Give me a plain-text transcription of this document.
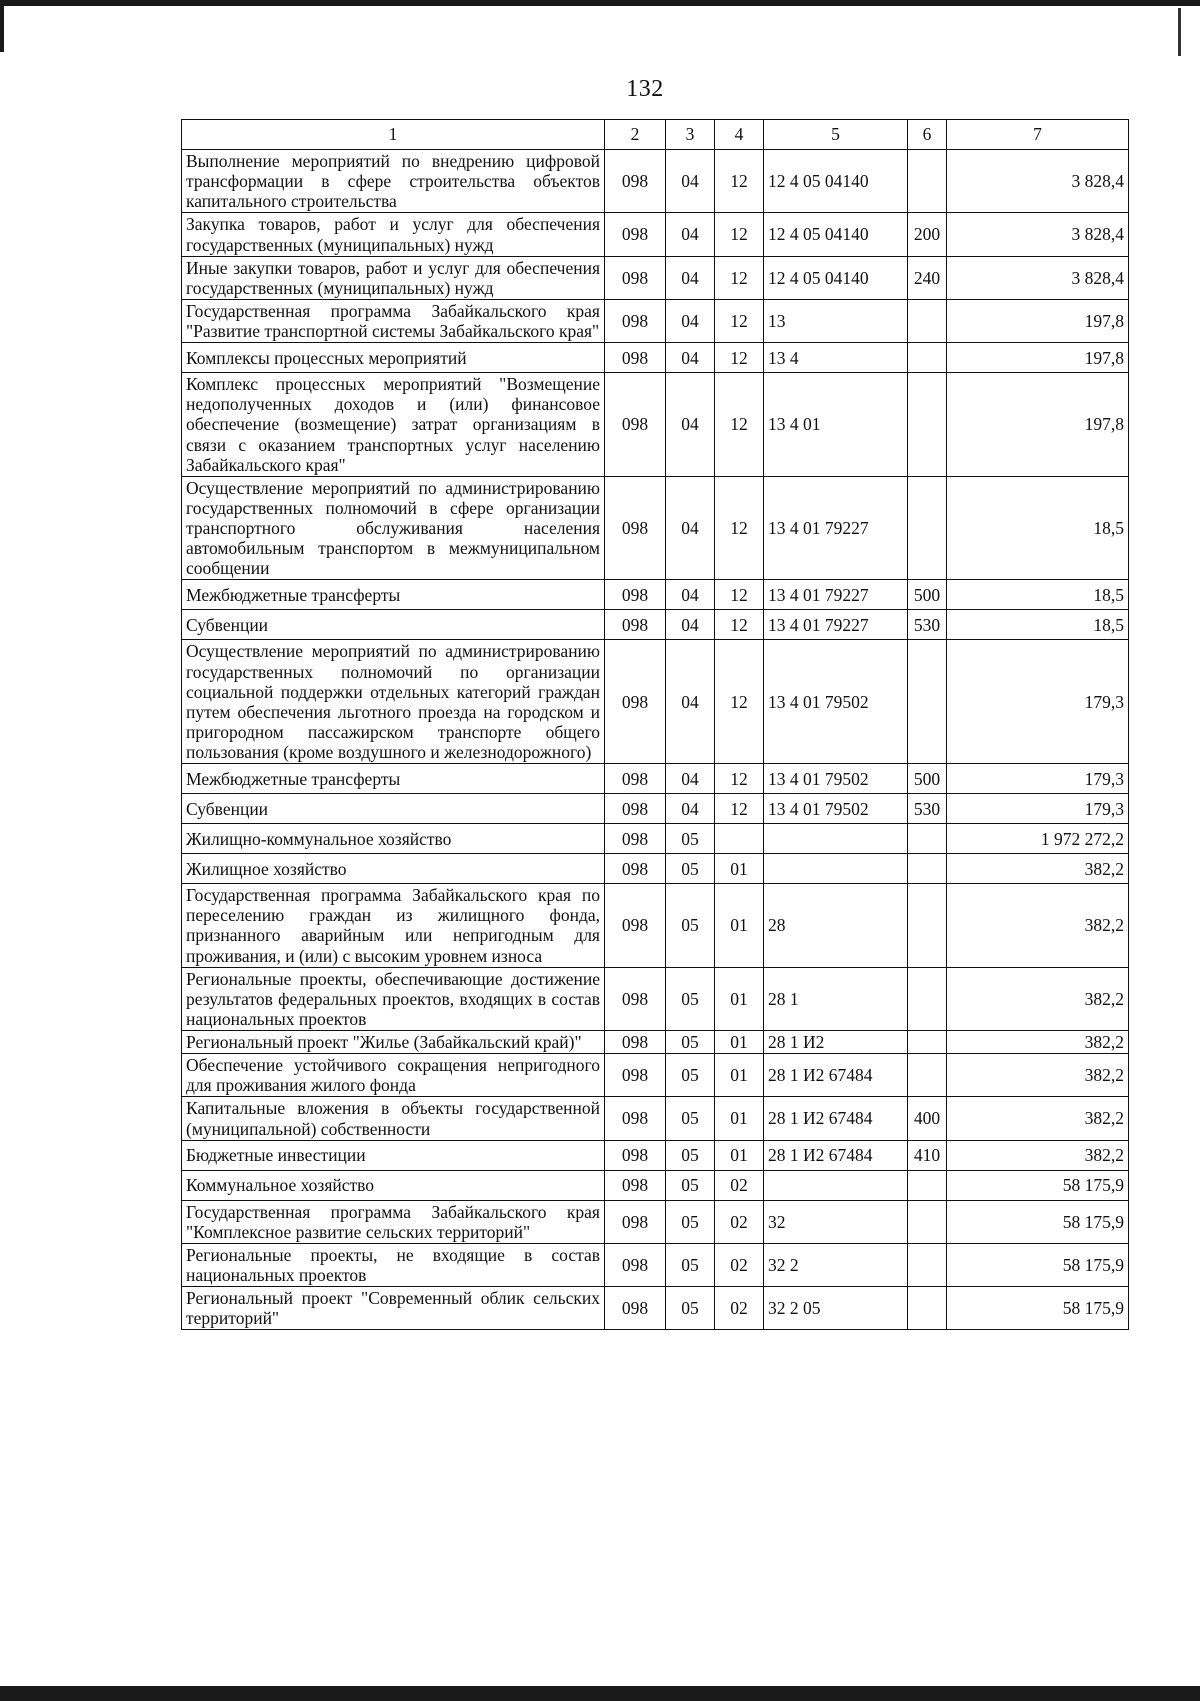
132
1	2	3	4	5	6	7
Выполнение мероприятий по внедрению цифровой трансформации в сфере строительства объектов капитального строительства	098	04	12	12 4 05 04140		3 828,4
Закупка товаров, работ и услуг для обеспечения государственных (муниципальных) нужд	098	04	12	12 4 05 04140	200	3 828,4
Иные закупки товаров, работ и услуг для обеспечения государственных (муниципальных) нужд	098	04	12	12 4 05 04140	240	3 828,4
Государственная программа Забайкальского края "Развитие транспортной системы Забайкальского края"	098	04	12	13		197,8
Комплексы процессных мероприятий	098	04	12	13 4		197,8
Комплекс процессных мероприятий "Возмещение недополученных доходов и (или) финансовое обеспечение (возмещение) затрат организациям в связи с оказанием транспортных услуг населению Забайкальского края"	098	04	12	13 4 01		197,8
Осуществление мероприятий по администрированию государственных полномочий в сфере организации транспортного обслуживания населения автомобильным транспортом в межмуниципальном сообщении	098	04	12	13 4 01 79227		18,5
Межбюджетные трансферты	098	04	12	13 4 01 79227	500	18,5
Субвенции	098	04	12	13 4 01 79227	530	18,5
Осуществление мероприятий по администрированию государственных полномочий по организации социальной поддержки отдельных категорий граждан путем обеспечения льготного проезда на городском и пригородном пассажирском транспорте общего пользования (кроме воздушного и железнодорожного)	098	04	12	13 4 01 79502		179,3
Межбюджетные трансферты	098	04	12	13 4 01 79502	500	179,3
Субвенции	098	04	12	13 4 01 79502	530	179,3
Жилищно-коммунальное хозяйство	098	05				1 972 272,2
Жилищное хозяйство	098	05	01			382,2
Государственная программа Забайкальского края по переселению граждан из жилищного фонда, признанного аварийным или непригодным для проживания, и (или) с высоким уровнем износа	098	05	01	28		382,2
Региональные проекты, обеспечивающие достижение результатов федеральных проектов, входящих в состав национальных проектов	098	05	01	28 1		382,2
Региональный проект "Жилье (Забайкальский край)"	098	05	01	28 1 И2		382,2
Обеспечение устойчивого сокращения непригодного для проживания жилого фонда	098	05	01	28 1 И2 67484		382,2
Капитальные вложения в объекты государственной (муниципальной) собственности	098	05	01	28 1 И2 67484	400	382,2
Бюджетные инвестиции	098	05	01	28 1 И2 67484	410	382,2
Коммунальное хозяйство	098	05	02			58 175,9
Государственная программа Забайкальского края "Комплексное развитие сельских территорий"	098	05	02	32		58 175,9
Региональные проекты, не входящие в состав национальных проектов	098	05	02	32 2		58 175,9
Региональный проект "Современный облик сельских территорий"	098	05	02	32 2 05		58 175,9
